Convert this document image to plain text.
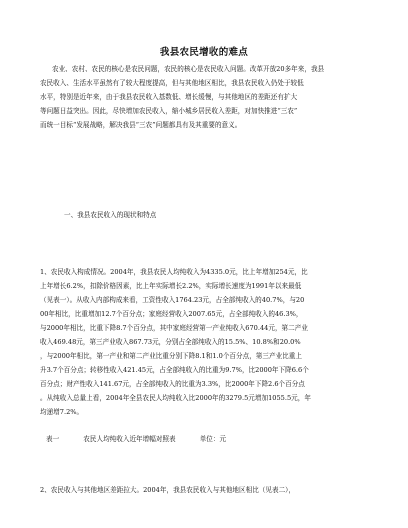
我县农民增收的难点
农业、农村、农民的核心是农民问题，农民的核心是农民收入问题。改革开放20多年来，我县
农民收入、生活水平虽然有了较大程度提高，但与其他地区相比，我县农民收入仍处于较低
水平，特别是近年来，由于我县农民收入基数低、增长缓慢，与其他地区的差距还有扩大
等问题日益突出。因此，尽快增加农民收入，缩小城乡居民收入差距，对加快推进“三农”
而统一目标“发展战略，解决我县“三农”问题都具有及其重要的意义。
一、我县农民收入的现状和特点
1、农民收入构成情况。2004年，我县农民人均纯收入为4335.0元，比上年增加254元，比
上年增长6.2%，扣除价格因素，比上年实际增长2.2%，实际增长速度为1991年以来最低
（见表一）。从收入内部构成来看，工资性收入1764.23元，占全部纯收入的40.7%，与20
00年相比，比重增加12.7个百分点；家庭经营收入2007.65元，占全部纯收入的46.3%，
与2000年相比，比重下降8.7个百分点，其中家庭经营第一产业纯收入670.44元，第二产业
收入469.48元，第三产业收入867.73元，分别占全部纯收入的15.5%、10.8%和20.0%
，与2000年相比，第一产业和第二产业比重分别下降8.1和1.0个百分点，第三产业比重上
升3.7个百分点；转移性收入421.45元，占全部纯收入的比重为9.7%，比2000年下降6.6个
百分点；财产性收入141.67元，占全部纯收入的比重为3.3%，比2000年下降2.6个百分点
。从纯收入总量上看，2004年全县农民人均纯收入比2000年的3279.5元增加1055.5元，年
均递增7.2%。
表一	农民人均纯收入近年增幅对照表	单位：元
2、农民收入与其他地区差距拉大。2004年，我县农民收入与其他地区相比（见表二），
